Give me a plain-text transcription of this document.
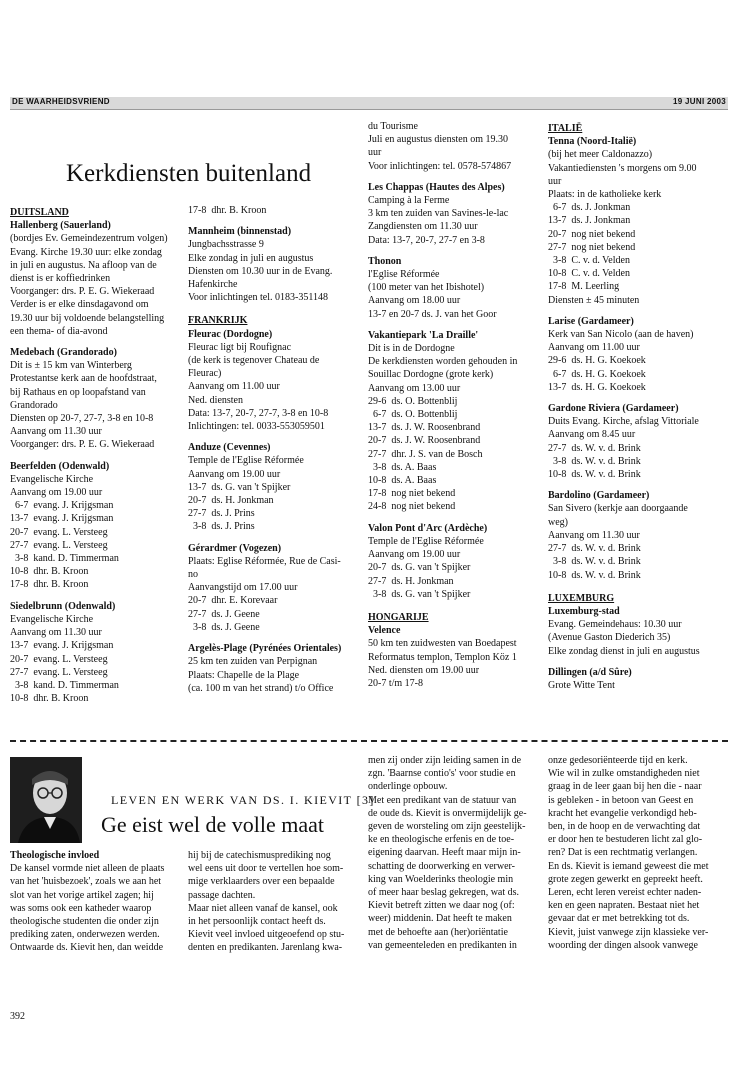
DE WAARHEIDSVRIEND	19 JUNI 2003
Kerkdiensten buitenland

DUITSLAND

Hallenberg (Sauerland)

(bordjes Ev. Gemeindezentrum volgen)

Evang. Kirche 19.30 uur: elke zondag

in juli en augustus. Na afloop van de

dienst is er koffiedrinken

Voorganger: drs. P. E. G. Wiekeraad

Verder is er elke dinsdagavond om

19.30 uur bij voldoende belangstelling

een thema- of dia-avond

Medebach (Grandorado)

Dit is ± 15 km van Winterberg

Protestantse kerk aan de hoofdstraat,

bij Rathaus en op loopafstand van

Grandorado

Diensten op 20-7, 27-7, 3-8 en 10-8

Aanvang om 11.30 uur

Voorganger: drs. P. E. G. Wiekeraad

Beerfelden (Odenwald)

Evangelische Kirche

Aanvang om 19.00 uur

6-7  evang. J. Krijgsman

13-7  evang. J. Krijgsman

20-7  evang. L. Versteeg

27-7  evang. L. Versteeg

3-8  kand. D. Timmerman

10-8  dhr. B. Kroon

17-8  dhr. B. Kroon

Siedelbrunn (Odenwald)

Evangelische Kirche

Aanvang om 11.30 uur

13-7  evang. J. Krijgsman

20-7  evang. L. Versteeg

27-7  evang. L. Versteeg

3-8  kand. D. Timmerman

10-8  dhr. B. Kroon

17-8  dhr. B. Kroon

Mannheim (binnenstad)

Jungbachsstrasse 9

Elke zondag in juli en augustus

Diensten om 10.30 uur in de Evang.

Hafenkirche

Voor inlichtingen tel. 0183-351148

FRANKRIJK

Fleurac (Dordogne)

Fleurac ligt bij Roufignac

(de kerk is tegenover Chateau de

Fleurac)

Aanvang om 11.00 uur

Ned. diensten

Data: 13-7, 20-7, 27-7, 3-8 en 10-8

Inlichtingen: tel. 0033-553059501

Anduze (Cevennes)

Temple de l'Eglise Réformée

Aanvang om 19.00 uur

13-7  ds. G. van 't Spijker

20-7  ds. H. Jonkman

27-7  ds. J. Prins

3-8  ds. J. Prins

Gérardmer (Vogezen)

Plaats: Eglise Réformée, Rue de Casi-

no

Aanvangstijd om 17.00 uur

20-7  dhr. E. Korevaar

27-7  ds. J. Geene

3-8  ds. J. Geene

Argelès-Plage (Pyrénées Orientales)

25 km ten zuiden van Perpignan

Plaats: Chapelle de la Plage

(ca. 100 m van het strand) t/o Office

du Tourisme

Juli en augustus diensten om 19.30

uur

Voor inlichtingen: tel. 0578-574867

Les Chappas (Hautes des Alpes)

Camping à la Ferme

3 km ten zuiden van Savines-le-lac

Zangdiensten om 11.30 uur

Data: 13-7, 20-7, 27-7 en 3-8

Thonon

l'Eglise Réformée

(100 meter van het Ibishotel)

Aanvang om 18.00 uur

13-7 en 20-7 ds. J. van het Goor

Vakantiepark 'La Draille'

Dit is in de Dordogne

De kerkdiensten worden gehouden in

Souillac Dordogne (grote kerk)

Aanvang om 13.00 uur

29-6  ds. O. Bottenblij

6-7  ds. O. Bottenblij

13-7  ds. J. W. Roosenbrand

20-7  ds. J. W. Roosenbrand

27-7  dhr. J. S. van de Bosch

3-8  ds. A. Baas

10-8  ds. A. Baas

17-8  nog niet bekend

24-8  nog niet bekend

Valon Pont d'Arc (Ardèche)

Temple de l'Eglise Réformée

Aanvang om 19.00 uur

20-7  ds. G. van 't Spijker

27-7  ds. H. Jonkman

3-8  ds. G. van 't Spijker

HONGARIJE

Velence

50 km ten zuidwesten van Boedapest

Reformatus templon, Templon Köz 1

Ned. diensten om 19.00 uur

20-7 t/m 17-8

ITALIË

Tenna (Noord-Italië)

(bij het meer Caldonazzo)

Vakantiediensten 's morgens om 9.00

uur

Plaats: in de katholieke kerk

6-7  ds. J. Jonkman

13-7  ds. J. Jonkman

20-7  nog niet bekend

27-7  nog niet bekend

3-8  C. v. d. Velden

10-8  C. v. d. Velden

17-8  M. Leerling

Diensten ± 45 minuten

Larise (Gardameer)

Kerk van San Nicolo (aan de haven)

Aanvang om 11.00 uur

29-6  ds. H. G. Koekoek

6-7  ds. H. G. Koekoek

13-7  ds. H. G. Koekoek

Gardone Riviera (Gardameer)

Duits Evang. Kirche, afslag Vittoriale

Aanvang om 8.45 uur

27-7  ds. W. v. d. Brink

3-8  ds. W. v. d. Brink

10-8  ds. W. v. d. Brink

Bardolino (Gardameer)

San Sivero (kerkje aan doorgaande

weg)

Aanvang om 11.30 uur

27-7  ds. W. v. d. Brink

3-8  ds. W. v. d. Brink

10-8  ds. W. v. d. Brink

LUXEMBURG

Luxemburg-stad

Evang. Gemeindehaus: 10.30 uur

(Avenue Gaston Diederich 35)

Elke zondag dienst in juli en augustus

Dillingen (a/d Sûre)

Grote Witte Tent

LEVEN EN WERK VAN DS. I. KIEVIT [3]
Ge eist wel de volle maat

Theologische invloed

De kansel vormde niet alleen de plaats

van het 'huisbezoek', zoals we aan het

slot van het vorige artikel zagen; hij

was soms ook een katheder waarop

theologische studenten die onder zijn

prediking zaten, onderwezen werden.

Ontwaarde ds. Kievit hen, dan weidde

hij bij de catechismusprediking nog

wel eens uit door te vertellen hoe som-

mige verklaarders over een bepaalde

passage dachten.

Maar niet alleen vanaf de kansel, ook

in het persoonlijk contact heeft ds.

Kievit veel invloed uitgeoefend op stu-

denten en predikanten. Jarenlang kwa-

men zij onder zijn leiding samen in de

zgn. 'Baarnse contio's' voor studie en

onderlinge opbouw.

Met een predikant van de statuur van

de oude ds. Kievit is onvermijdelijk ge-

geven de worsteling om zijn geestelijk-

ke en theologische erfenis en de toe-

eigening daarvan. Heeft maar mijn in-

schatting de doorwerking en verwer-

king van Woelderinks theologie min

of meer haar beslag gekregen, wat ds.

Kievit betreft zitten we daar nog (of:

weer) middenin. Dat heeft te maken

met de behoefte aan (her)oriëntatie

van gemeenteleden en predikanten in

onze gedesoriënteerde tijd en kerk.

Wie wil in zulke omstandigheden niet

graag in de leer gaan bij hen die - naar

is gebleken - in betoon van Geest en

kracht het evangelie verkondigd heb-

ben, in de hoop en de verwachting dat

er door hen te bestuderen licht zal glo-

ren? Dat is een rechtmatig verlangen.

En ds. Kievit is iemand geweest die met

grote zegen gewerkt en gepreekt heeft.

Leren, echt leren vereist echter naden-

ken en geen napraten. Bestaat niet het

gevaar dat er met betrekking tot ds.

Kievit, juist vanwege zijn klassieke ver-

woording der dingen alsook vanwege

392
